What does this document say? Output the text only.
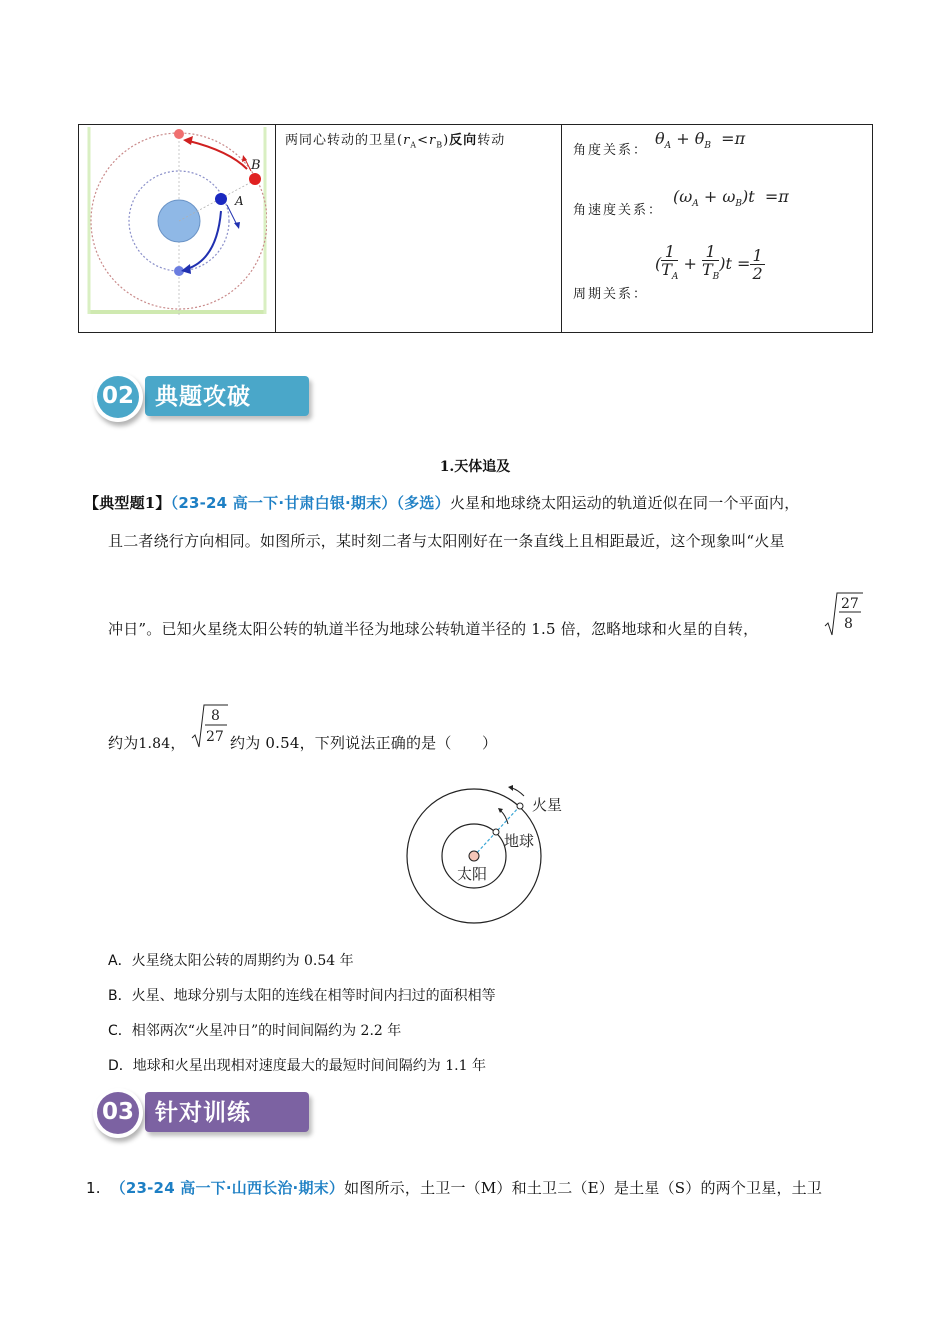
B
A
两同心转动的卫星$(r_A<r_B)$反向转动
角度关系：
$\theta_A + \theta_B =\pi$
角速度关系：
$(\omega_A + \omega_B)t =\pi$
周期关系：
( $\frac{1}{T_A} + \frac{1}{T_B} )t = \frac{1}{2}$
典题攻破
02
1.天体追及
【典型题1】（23-24 高一下·甘肃白银·期末）（多选）火星和地球绕太阳运动的轨道近似在同一个平面内，
且二者绕行方向相同。如图所示，某时刻二者与太阳刚好在一条直线上且相距最近，这个现象叫“火星
冲日”。已知火星绕太阳公转的轨道半径为地球公转轨道半径的 1.5 倍，忽略地球和火星的自转，
27
8
约为1.84，
8
27 约为 0.54，下列说法正确的是（　　）
火星
地球
太阳
A．火星绕太阳公转的周期约为 0.54 年
B．火星、地球分别与太阳的连线在相等时间内扫过的面积相等
C．相邻两次“火星冲日”的时间间隔约为 2.2 年
D．地球和火星出现相对速度最大的最短时间间隔约为 1.1 年
针对训练
03
1. （23-24 高一下·山西长治·期末）如图所示，土卫一（M）和土卫二（E）是土星（S）的两个卫星，土卫
